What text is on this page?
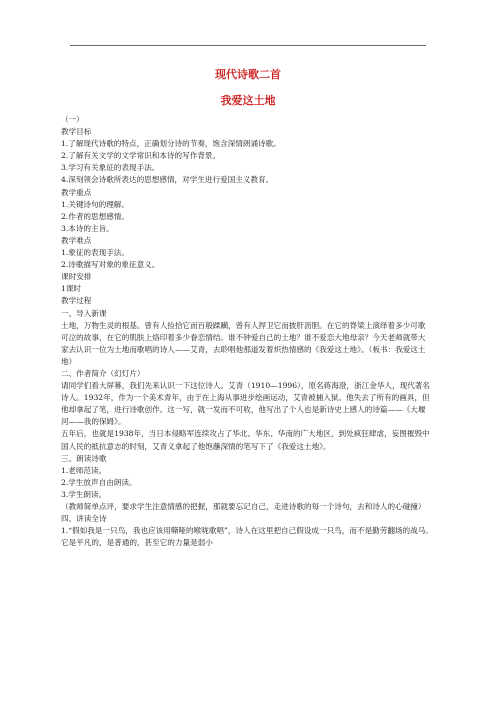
现代诗歌二首
我爱这土地

（一）

教学目标

1.了解现代诗歌的特点，正确划分诗的节奏，饱含深情朗诵诗歌。

2.了解有关文学的文学常识和本诗的写作背景。

3.学习有关象征的表现手法。

4.深刻领会诗歌所表达的思想感情，对学生进行爱国主义教育。

教学重点

1.关键诗句的理解。

2.作者的思想感情。

3.本诗的主旨。

教学难点

1.象征的表现手法。

2.诗歌描写对象的象征意义。

课时安排

1课时

教学过程

一、导入新课

土地，万物生灵的根基。曾有人捡拾它而百般蹂躏，曾有人捍卫它而披肝沥胆。在它的脊梁上演绎着多少可歌可泣的故事，在它的肌肤上烙印着多少眷恋情结。谁不钟爱自己的土地？谁不爱恋大地母亲？今天老师就带大家去认识一位为土地而歌唱的诗人——艾青，去聆唱他那道发着炽热情感的《我爱这土地》。（板书：我爱这土地）

二、作者简介（幻灯片）

请同学们看大屏幕，我们先来认识一下这位诗人。艾青（1910—1996），原名蒋海澄，浙江金华人，现代著名诗人。1932年，作为一个美术青年，由于在上海从事进步绘画运动，艾青被捕入狱。他失去了所有的画具，但他却拿起了笔，进行诗歌创作。这一写，就一发而不可收，他写出了个人也是新诗史上感人的诗篇——《大堰河——我的保姆》。

五年后，也就是1938年，当日本侵略军连续攻占了华北、华东、华南的广大地区，到处疯狂肆虐，妄图摧毁中国人民的抵抗意志的时刻，艾青义拿起了他饱蘸深情的笔写下了《我爱这土地》。

三、朗读诗歌

1.老师范读。

2.学生放声自由朗读。

3.学生朗读。

（教师简单点评，要求学生注意情感的把握，那就要忘记自己，走进诗歌的每一个诗句，去和诗人的心碰撞）

四、讲读全诗

1.“假如我是一只鸟，我也应该用嘶哑的喉咙歌唱”，诗人在这里把自己假设成一只鸟，而不是勤劳翻场的战马。它是平凡的，是普通的，甚至它的力量是弱小
